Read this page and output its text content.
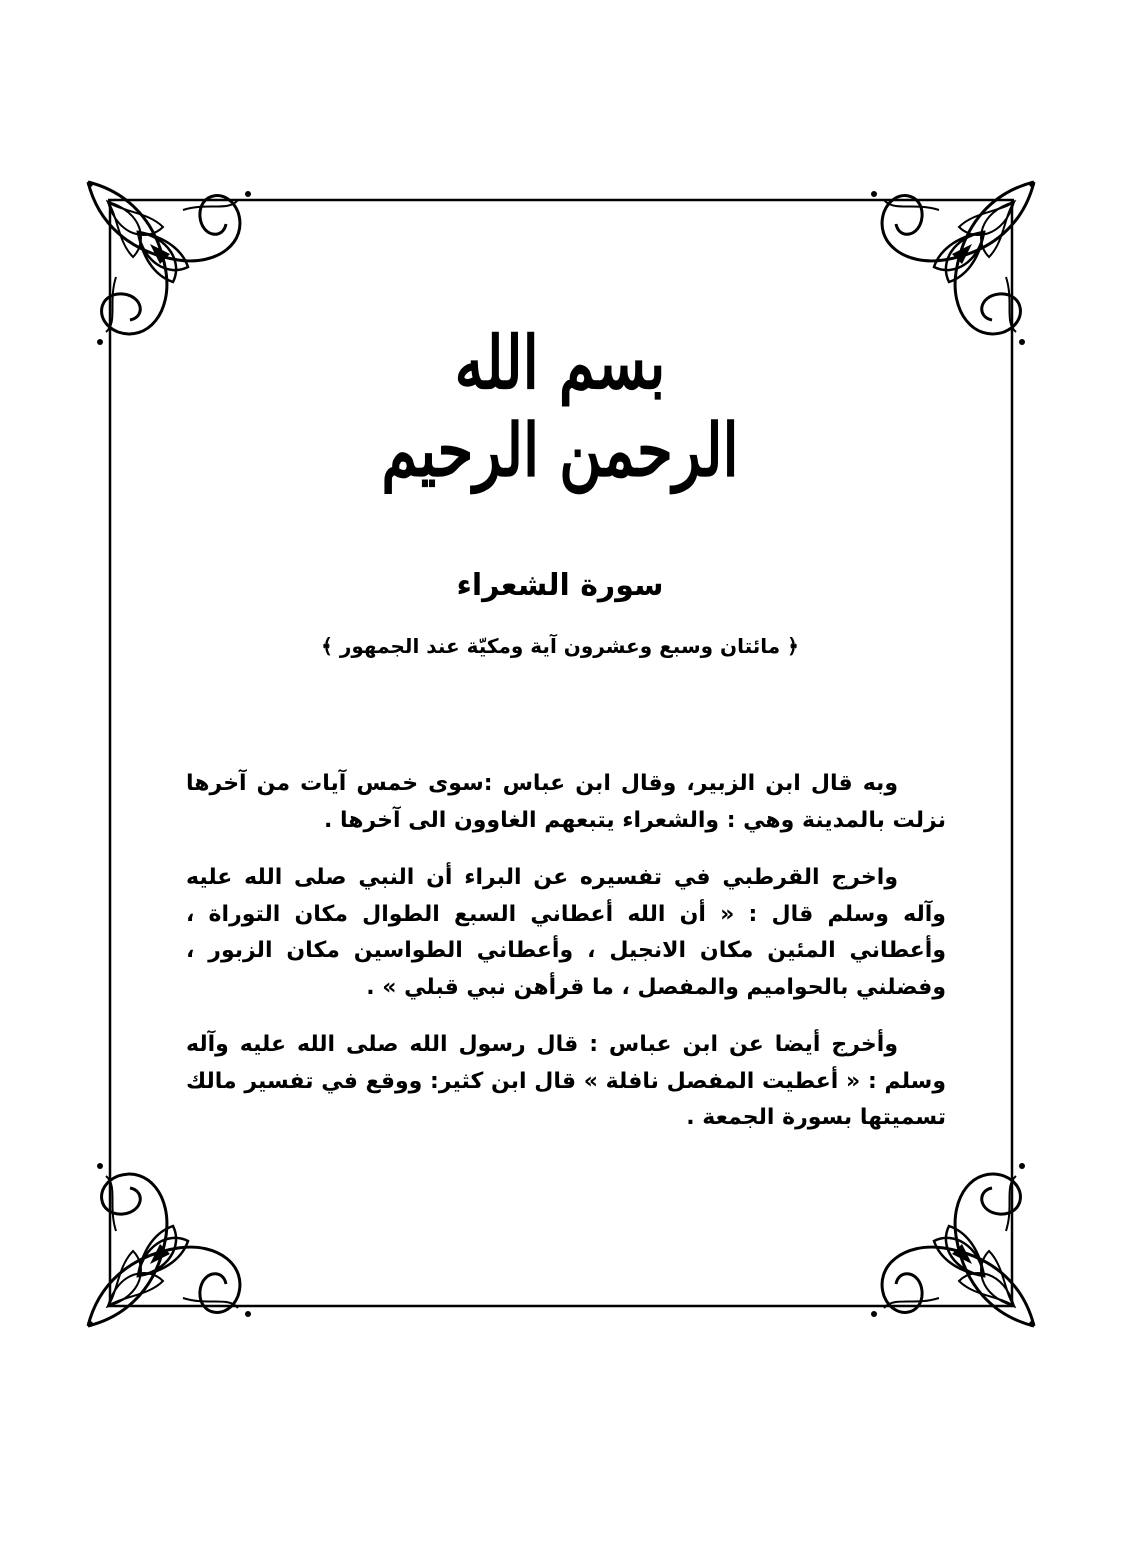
بسم الله الرحمن الرحيم
سورة الشعراء
﴿ مائتان وسبع وعشرون آية ومكيّة عند الجمهور ﴾

وبه قال ابن الزبير، وقال ابن عباس :سوى خمس آيات من آخرها نزلت بالمدينة وهي : والشعراء يتبعهم الغاوون الى آخرها .

واخرج القرطبي في تفسيره عن البراء أن النبي صلى الله عليه وآله وسلم قال : « أن الله أعطاني السبع الطوال مكان التوراة ، وأعطاني المئين مكان الانجيل ، وأعطاني الطواسين مكان الزبور ، وفضلني بالحواميم والمفصل ، ما قرأهن نبي قبلي » .

وأخرج أيضا عن ابن عباس : قال رسول الله صلى الله عليه وآله وسلم : « أعطيت المفصل نافلة » قال ابن كثير: ووقع في تفسير مالك تسميتها بسورة الجمعة .
